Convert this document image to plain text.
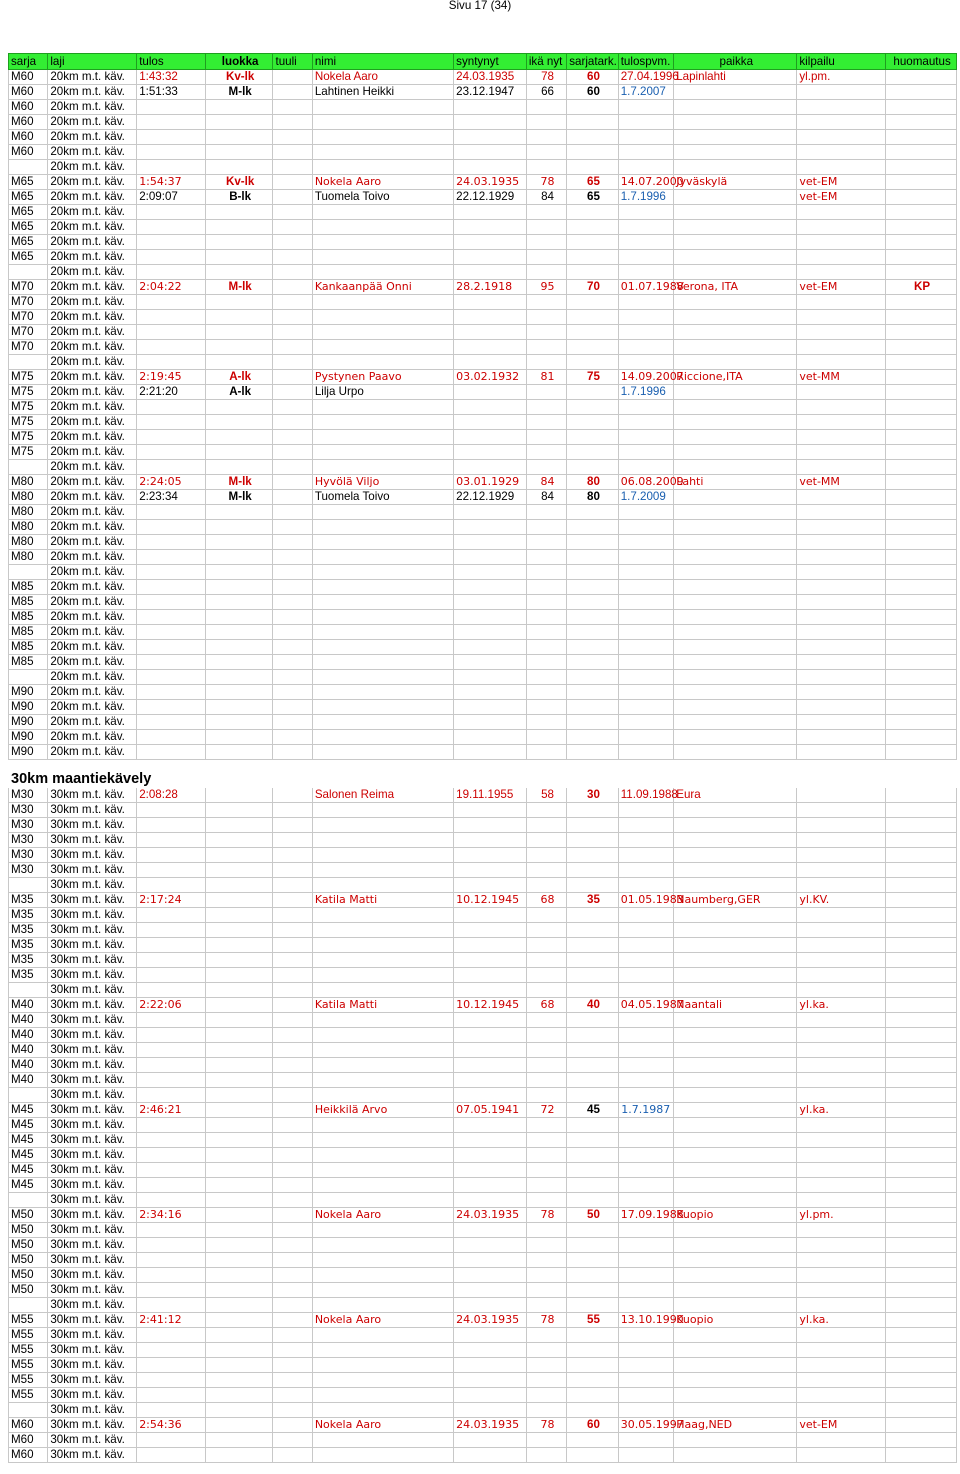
Sivu 17 (34)
sarja	laji	tulos	luokka	tuuli	nimi	syntynyt	ikä nyt	sarjatark.	tulospvm.	paikka	kilpailu	huomautus
M60	20km m.t. käv.	1:43:32	Kv-lk		Nokela Aaro	24.03.1935	78	60	27.04.1996	Lapinlahti	yl.pm.	
M60	20km m.t. käv.	1:51:33	M-lk		Lahtinen Heikki	23.12.1947	66	60	1.7.2007			
M60	20km m.t. käv.											
M60	20km m.t. käv.											
M60	20km m.t. käv.											
M60	20km m.t. käv.											
	20km m.t. käv.											
M65	20km m.t. käv.	1:54:37	Kv-lk		Nokela Aaro	24.03.1935	78	65	14.07.2000	Jyväskylä	vet-EM	
M65	20km m.t. käv.	2:09:07	B-lk		Tuomela Toivo	22.12.1929	84	65	1.7.1996		vet-EM	
M65	20km m.t. käv.											
M65	20km m.t. käv.											
M65	20km m.t. käv.											
M65	20km m.t. käv.											
	20km m.t. käv.											
M70	20km m.t. käv.	2:04:22	M-lk		Kankaanpää Onni	28.2.1918	95	70	01.07.1988	Verona, ITA	vet-EM	KP
M70	20km m.t. käv.											
M70	20km m.t. käv.											
M70	20km m.t. käv.											
M70	20km m.t. käv.											
	20km m.t. käv.											
M75	20km m.t. käv.	2:19:45	A-lk		Pystynen Paavo	03.02.1932	81	75	14.09.2007	Riccione,ITA	vet-MM	
M75	20km m.t. käv.	2:21:20	A-lk		Lilja Urpo				1.7.1996			
M75	20km m.t. käv.											
M75	20km m.t. käv.											
M75	20km m.t. käv.											
M75	20km m.t. käv.											
	20km m.t. käv.											
M80	20km m.t. käv.	2:24:05	M-lk		Hyvölä Viljo	03.01.1929	84	80	06.08.2009	Lahti	vet-MM	
M80	20km m.t. käv.	2:23:34	M-lk		Tuomela Toivo	22.12.1929	84	80	1.7.2009			
M80	20km m.t. käv.											
M80	20km m.t. käv.											
M80	20km m.t. käv.											
M80	20km m.t. käv.											
	20km m.t. käv.											
M85	20km m.t. käv.											
M85	20km m.t. käv.											
M85	20km m.t. käv.											
M85	20km m.t. käv.											
M85	20km m.t. käv.											
M85	20km m.t. käv.											
	20km m.t. käv.											
M90	20km m.t. käv.											
M90	20km m.t. käv.											
M90	20km m.t. käv.											
M90	20km m.t. käv.											
M90	20km m.t. käv.											

30km maantiekävely												
M30	30km m.t. käv.	2:08:28			Salonen Reima	19.11.1955	58	30	11.09.1988	Eura		
M30	30km m.t. käv.											
M30	30km m.t. käv.											
M30	30km m.t. käv.											
M30	30km m.t. käv.											
M30	30km m.t. käv.											
	30km m.t. käv.											
M35	30km m.t. käv.	2:17:24			Katila Matti	10.12.1945	68	35	01.05.1983	Naumberg,GER	yl.KV.	
M35	30km m.t. käv.											
M35	30km m.t. käv.											
M35	30km m.t. käv.											
M35	30km m.t. käv.											
M35	30km m.t. käv.											
	30km m.t. käv.											
M40	30km m.t. käv.	2:22:06			Katila Matti	10.12.1945	68	40	04.05.1987	Naantali	yl.ka.	
M40	30km m.t. käv.											
M40	30km m.t. käv.											
M40	30km m.t. käv.											
M40	30km m.t. käv.											
M40	30km m.t. käv.											
	30km m.t. käv.											
M45	30km m.t. käv.	2:46:21			Heikkilä Arvo	07.05.1941	72	45	1.7.1987		yl.ka.	
M45	30km m.t. käv.											
M45	30km m.t. käv.											
M45	30km m.t. käv.											
M45	30km m.t. käv.											
M45	30km m.t. käv.											
	30km m.t. käv.											
M50	30km m.t. käv.	2:34:16			Nokela Aaro	24.03.1935	78	50	17.09.1988	Kuopio	yl.pm.	
M50	30km m.t. käv.											
M50	30km m.t. käv.											
M50	30km m.t. käv.											
M50	30km m.t. käv.											
M50	30km m.t. käv.											
	30km m.t. käv.											
M55	30km m.t. käv.	2:41:12			Nokela Aaro	24.03.1935	78	55	13.10.1990	Kuopio	yl.ka.	
M55	30km m.t. käv.											
M55	30km m.t. käv.											
M55	30km m.t. käv.											
M55	30km m.t. käv.											
M55	30km m.t. käv.											
	30km m.t. käv.											
M60	30km m.t. käv.	2:54:36			Nokela Aaro	24.03.1935	78	60	30.05.1997	Haag,NED	vet-EM	
M60	30km m.t. käv.											
M60	30km m.t. käv.											
